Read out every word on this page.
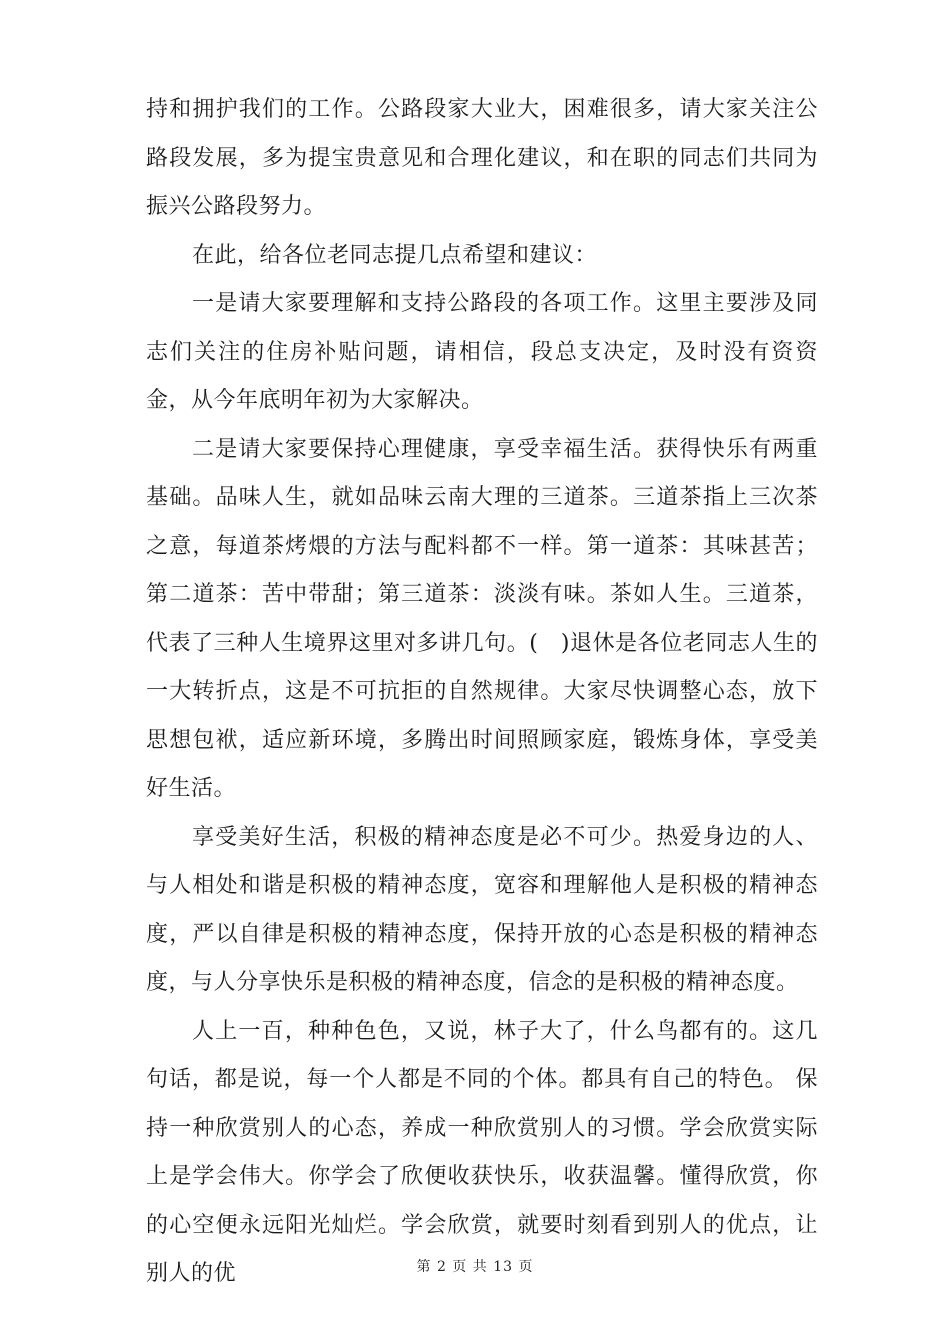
持和拥护我们的工作。公路段家大业大，困难很多，请大家关注公路段发展，多为提宝贵意见和合理化建议，和在职的同志们共同为振兴公路段努力。

在此，给各位老同志提几点希望和建议：

一是请大家要理解和支持公路段的各项工作。这里主要涉及同志们关注的住房补贴问题，请相信，段总支决定，及时没有资资金，从今年底明年初为大家解决。

二是请大家要保持心理健康，享受幸福生活。获得快乐有两重基础。品味人生，就如品味云南大理的三道茶。三道茶指上三次茶之意，每道茶烤煨的方法与配料都不一样。第一道茶：其味甚苦；第二道茶：苦中带甜；第三道茶：淡淡有味。茶如人生。三道茶，代表了三种人生境界这里对多讲几句。(　)退休是各位老同志人生的一大转折点，这是不可抗拒的自然规律。大家尽快调整心态，放下思想包袱，适应新环境，多腾出时间照顾家庭，锻炼身体，享受美好生活。

享受美好生活，积极的精神态度是必不可少。热爱身边的人、与人相处和谐是积极的精神态度，宽容和理解他人是积极的精神态度，严以自律是积极的精神态度，保持开放的心态是积极的精神态度，与人分享快乐是积极的精神态度，信念的是积极的精神态度。

人上一百，种种色色，又说，林子大了，什么鸟都有的。这几句话，都是说，每一个人都是不同的个体。都具有自己的特色。 保持一种欣赏别人的心态，养成一种欣赏别人的习惯。学会欣赏实际上是学会伟大。你学会了欣便收获快乐，收获温馨。懂得欣赏，你的心空便永远阳光灿烂。学会欣赏，就要时刻看到别人的优点，让别人的优	第 2 页 共 13 页
